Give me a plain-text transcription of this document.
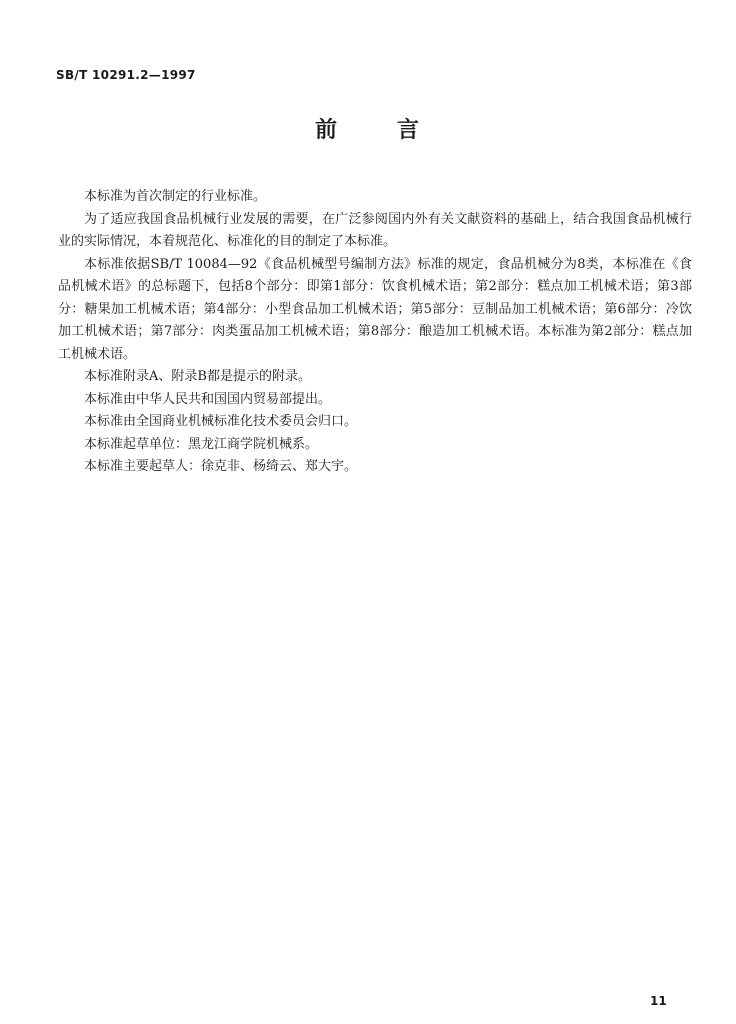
SB/T 10291.2—1997
前	言

本标准为首次制定的行业标准。

为了适应我国食品机械行业发展的需要，在广泛参阅国内外有关文献资料的基础上，结合我国食品机械行业的实际情况，本着规范化、标准化的目的制定了本标准。

本标准依据SB/T 10084—92《食品机械型号编制方法》标准的规定，食品机械分为8类，本标准在《食品机械术语》的总标题下，包括8个部分：即第1部分：饮食机械术语；第2部分：糕点加工机械术语；第3部分：糖果加工机械术语；第4部分：小型食品加工机械术语；第5部分：豆制品加工机械术语；第6部分：冷饮加工机械术语；第7部分：肉类蛋品加工机械术语；第8部分：酿造加工机械术语。本标准为第2部分：糕点加工机械术语。

本标准附录A、附录B都是提示的附录。

本标准由中华人民共和国国内贸易部提出。

本标准由全国商业机械标准化技术委员会归口。

本标准起草单位：黑龙江商学院机械系。

本标准主要起草人：徐克非、杨绮云、郑大宇。

11
